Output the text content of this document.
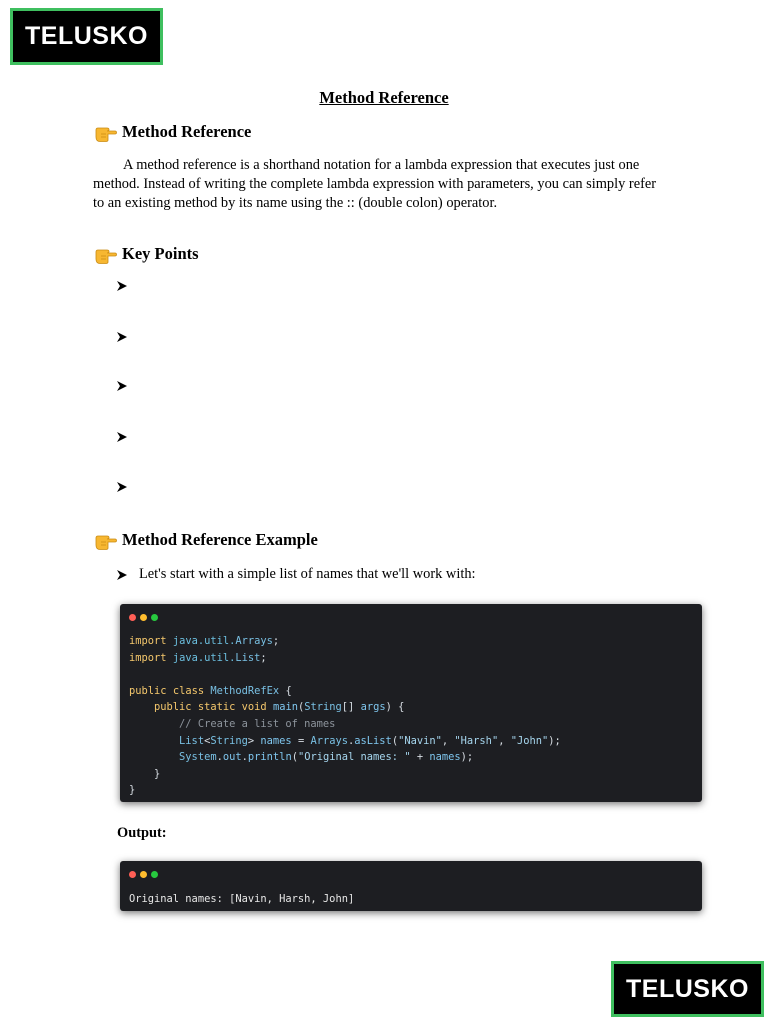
TELUSKO
TELUSKO
Method Reference
Method Reference
A method reference is a shorthand notation for a lambda expression that executes just one method. Instead of writing the complete lambda expression with parameters, you can simply refer to an existing method by its name using the :: (double colon) operator.
Key Points
Method Reference Example
Let's start with a simple list of names that we'll work with:
import java.util.Arrays;
import java.util.List;

public class MethodRefEx {
public static void main(String[] args) {
// Create a list of names
List<String> names = Arrays.asList("Navin", "Harsh", "John");
System.out.println("Original names: " + names);
}
}
Output:
Original names: [Navin, Harsh, John]
